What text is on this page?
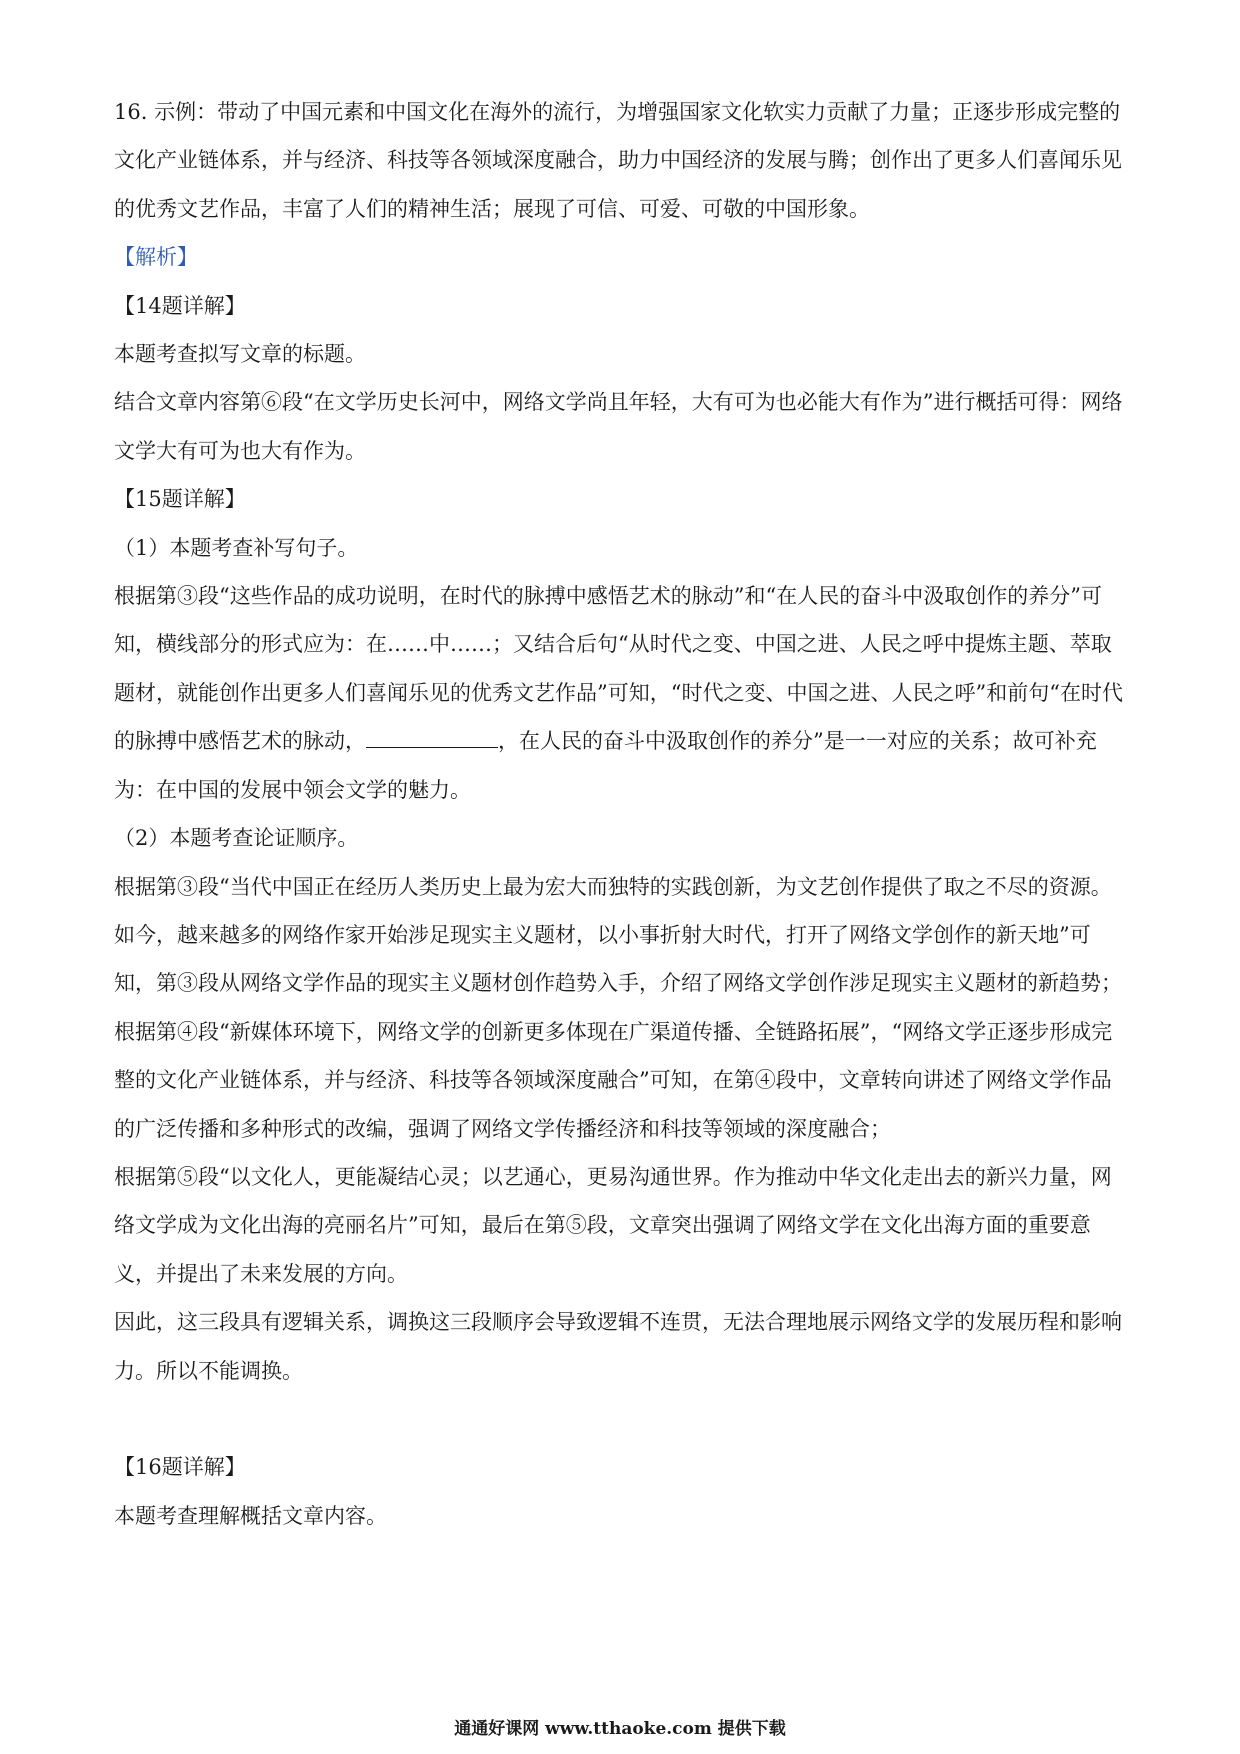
16. 示例：带动了中国元素和中国文化在海外的流行，为增强国家文化软实力贡献了力量；正逐步形成完整的文化产业链体系，并与经济、科技等各领域深度融合，助力中国经济的发展与腾；创作出了更多人们喜闻乐见的优秀文艺作品，丰富了人们的精神生活；展现了可信、可爱、可敬的中国形象。

【解析】

【14题详解】

本题考查拟写文章的标题。

结合文章内容第⑥段“在文学历史长河中，网络文学尚且年轻，大有可为也必能大有作为”进行概括可得：网络文学大有可为也大有作为。

【15题详解】

（1）本题考查补写句子。

根据第③段“这些作品的成功说明，在时代的脉搏中感悟艺术的脉动”和“在人民的奋斗中汲取创作的养分”可知，横线部分的形式应为：在……中……；又结合后句“从时代之变、中国之进、人民之呼中提炼主题、萃取题材，就能创作出更多人们喜闻乐见的优秀文艺作品”可知，“时代之变、中国之进、人民之呼”和前句“在时代的脉搏中感悟艺术的脉动，	，在人民的奋斗中汲取创作的养分”是一一对应的关系；故可补充为：在中国的发展中领会文学的魅力。

（2）本题考查论证顺序。

根据第③段“当代中国正在经历人类历史上最为宏大而独特的实践创新，为文艺创作提供了取之不尽的资源。如今，越来越多的网络作家开始涉足现实主义题材，以小事折射大时代，打开了网络文学创作的新天地”可知，第③段从网络文学作品的现实主义题材创作趋势入手，介绍了网络文学创作涉足现实主义题材的新趋势；

根据第④段“新媒体环境下，网络文学的创新更多体现在广渠道传播、全链路拓展”，“网络文学正逐步形成完整的文化产业链体系，并与经济、科技等各领域深度融合”可知，在第④段中，文章转向讲述了网络文学作品的广泛传播和多种形式的改编，强调了网络文学传播经济和科技等领域的深度融合；

根据第⑤段“以文化人，更能凝结心灵；以艺通心，更易沟通世界。作为推动中华文化走出去的新兴力量，网络文学成为文化出海的亮丽名片”可知，最后在第⑤段，文章突出强调了网络文学在文化出海方面的重要意义，并提出了未来发展的方向。

因此，这三段具有逻辑关系，调换这三段顺序会导致逻辑不连贯，无法合理地展示网络文学的发展历程和影响力。所以不能调换。

【16题详解】

本题考查理解概括文章内容。

通通好课网 www.tthaoke.com 提供下载
